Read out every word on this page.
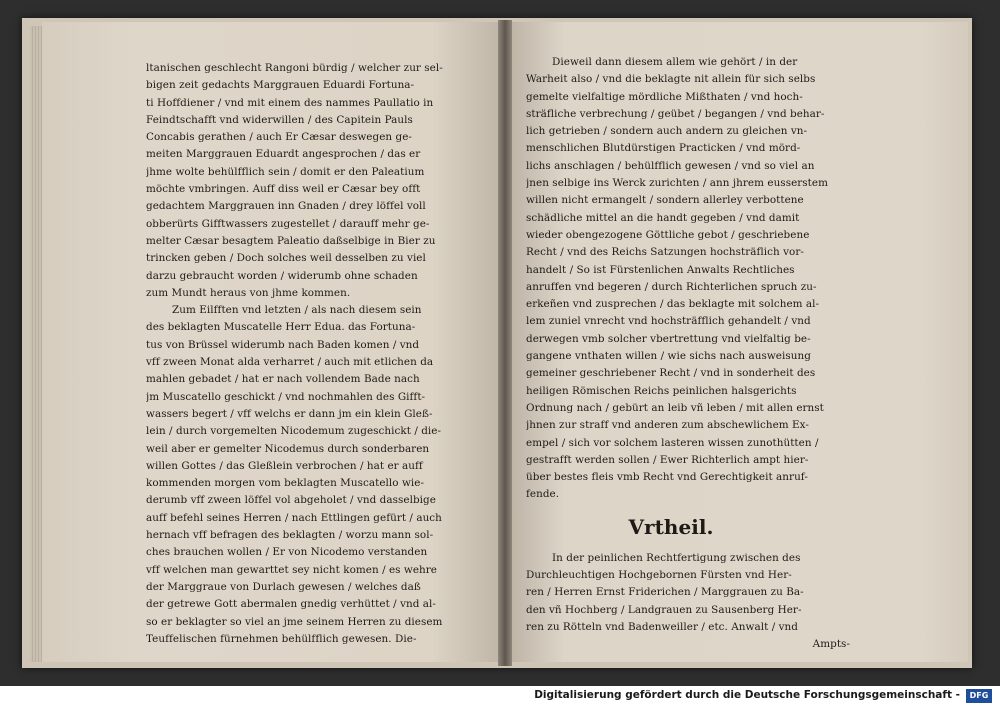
ltanischen geschlecht Rangoni bürdig / welcher zur sel-
bigen zeit gedachts Marggrauen Eduardi Fortuna-
ti Hoffdiener / vnd mit einem des nammes Paullatio in
Feindtschafft vnd widerwillen / des Capitein Pauls
Concabis gerathen / auch Er Cæsar deswegen ge-
meiten Marggrauen Eduardt angesprochen / das er
jhme wolte behülfflich sein / domit er den Paleatium
möchte vmbringen. Auff diss weil er Cæsar bey offt
gedachtem Marggrauen inn Gnaden / drey löffel voll
obberürts Gifftwassers zugestellet / darauff mehr ge-
melter Cæsar besagtem Paleatio daßselbige in Bier zu
trincken geben / Doch solches weil desselben zu viel
darzu gebraucht worden / widerumb ohne schaden
zum Mundt heraus von jhme kommen.
Zum Eilfften vnd letzten / als nach diesem sein
des beklagten Muscatelle Herr Edua. das Fortuna-
tus von Brüssel widerumb nach Baden komen / vnd
vff zween Monat alda verharret / auch mit etlichen da
mahlen gebadet / hat er nach vollendem Bade nach
jm Muscatello geschickt / vnd nochmahlen des Gifft-
wassers begert / vff welchs er dann jm ein klein Gleß-
lein / durch vorgemelten Nicodemum zugeschickt / die-
weil aber er gemelter Nicodemus durch sonderbaren
willen Gottes / das Gleßlein verbrochen / hat er auff
kommenden morgen vom beklagten Muscatello wie-
derumb vff zween löffel vol abgeholet / vnd dasselbige
auff befehl seines Herren / nach Ettlingen gefürt / auch
hernach vff befragen des beklagten / worzu mann sol-
ches brauchen wollen / Er von Nicodemo verstanden
vff welchen man gewarttet sey nicht komen / es wehre
der Marggraue von Durlach gewesen / welches daß
der getrewe Gott abermalen gnedig verhüttet / vnd al-
so er beklagter so viel an jme seinem Herren zu diesem
Teuffelischen fürnehmen behülfflich gewesen. Die-
Dieweil dann diesem allem wie gehört / in der
Warheit also / vnd die beklagte nit allein für sich selbs
gemelte vielfaltige mördliche Mißthaten / vnd hoch-
sträfliche verbrechung / geübet / begangen / vnd behar-
lich getrieben / sondern auch andern zu gleichen vn-
menschlichen Blutdürstigen Practicken / vnd mörd-
lichs anschlagen / behülfflich gewesen / vnd so viel an
jnen selbige ins Werck zurichten / ann jhrem eusserstem
willen nicht ermangelt / sondern allerley verbottene
schädliche mittel an die handt gegeben / vnd damit
wieder obengezogene Göttliche gebot / geschriebene
Recht / vnd des Reichs Satzungen hochsträflich vor-
handelt / So ist Fürstenlichen Anwalts Rechtliches
anruffen vnd begeren / durch Richterlichen spruch zu-
erkeñen vnd zusprechen / das beklagte mit solchem al-
lem zuniel vnrecht vnd hochsträfflich gehandelt / vnd
derwegen vmb solcher vbertrettung vnd vielfaltig be-
gangene vnthaten willen / wie sichs nach ausweisung
gemeiner geschriebener Recht / vnd in sonderheit des
heiligen Römischen Reichs peinlichen halsgerichts
Ordnung nach / gebürt an leib vñ leben / mit allen ernst
jhnen zur straff vnd anderen zum abschewlichem Ex-
empel / sich vor solchem lasteren wissen zunothütten /
gestrafft werden sollen / Ewer Richterlich ampt hier-
über bestes fleis vmb Recht vnd Gerechtigkeit anruf-
fende.
Vrtheil.
In der peinlichen Rechtfertigung zwischen des
Durchleuchtigen Hochgebornen Fürsten vnd Her-
ren / Herren Ernst Friderichen / Marggrauen zu Ba-
den vñ Hochberg / Landgrauen zu Sausenberg Her-
ren zu Rötteln vnd Badenweiller / etc. Anwalt / vnd
Ampts-
Digitalisierung gefördert durch die Deutsche Forschungsgemeinschaft -	DFG
